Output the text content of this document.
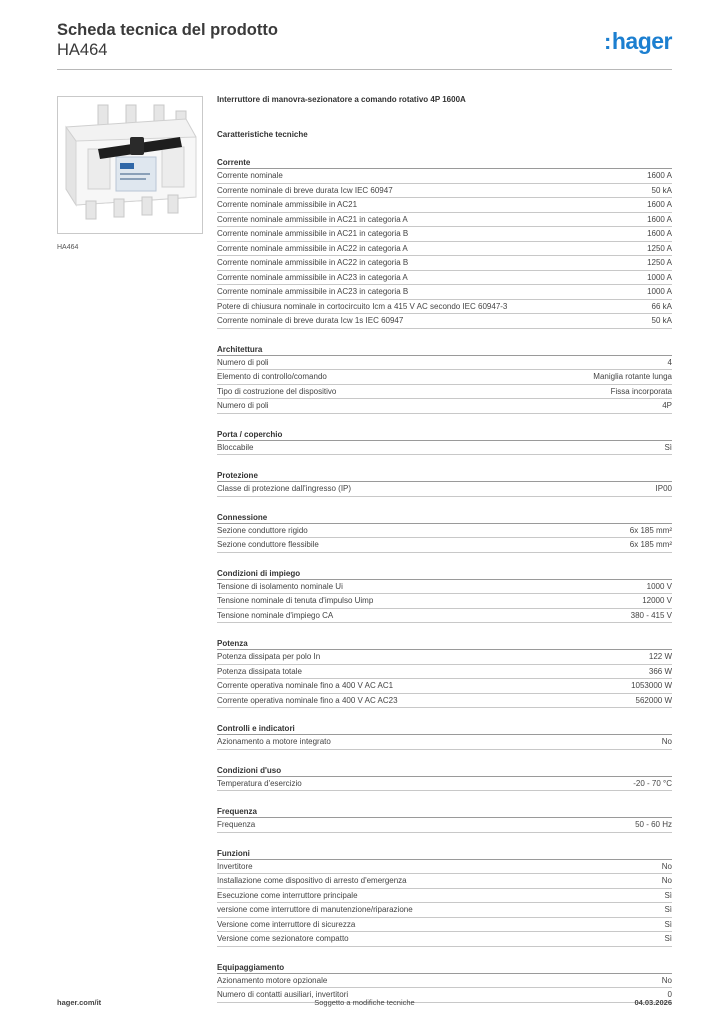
Scheda tecnica del prodotto
HA464	:hager
HA464
Interruttore di manovra-sezionatore a comando rotativo 4P 1600A
Caratteristiche tecniche
Corrente
Corrente nominale	1600 A
Corrente nominale di breve durata Icw IEC 60947	50 kA
Corrente nominale ammissibile in AC21	1600 A
Corrente nominale ammissibile in AC21 in categoria A	1600 A
Corrente nominale ammissibile in AC21 in categoria B	1600 A
Corrente nominale ammissibile in AC22 in categoria A	1250 A
Corrente nominale ammissibile in AC22 in categoria B	1250 A
Corrente nominale ammissibile in AC23 in categoria A	1000 A
Corrente nominale ammissibile in AC23 in categoria B	1000 A
Potere di chiusura nominale in cortocircuito Icm a 415 V AC secondo IEC 60947-3	66 kA
Corrente nominale di breve durata Icw 1s IEC 60947	50 kA
Architettura
Numero di poli	4
Elemento di controllo/comando	Maniglia rotante lunga
Tipo di costruzione del dispositivo	Fissa incorporata
Numero di poli	4P
Porta / coperchio
Bloccabile	Sì
Protezione
Classe di protezione dall'ingresso (IP)	IP00
Connessione
Sezione conduttore rigido	6x 185 mm²
Sezione conduttore flessibile	6x 185 mm²
Condizioni di impiego
Tensione di isolamento nominale Ui	1000 V
Tensione nominale di tenuta d'impulso Uimp	12000 V
Tensione nominale d'impiego CA	380 - 415 V
Potenza
Potenza dissipata per polo In	122 W
Potenza dissipata totale	366 W
Corrente operativa nominale fino a 400 V AC AC1	1053000 W
Corrente operativa nominale fino a 400 V AC AC23	562000 W
Controlli e indicatori
Azionamento a motore integrato	No
Condizioni d'uso
Temperatura d'esercizio	-20 - 70 °C
Frequenza
Frequenza	50 - 60 Hz
Funzioni
Invertitore	No
Installazione come dispositivo di arresto d'emergenza	No
Esecuzione come interruttore principale	Sì
versione come interruttore di manutenzione/riparazione	Sì
Versione come interruttore di sicurezza	Sì
Versione come sezionatore compatto	Sì
Equipaggiamento
Azionamento motore opzionale	No
Numero di contatti ausiliari, invertitori	0
hager.com/it	Soggetto a modifiche tecniche	04.03.2026
